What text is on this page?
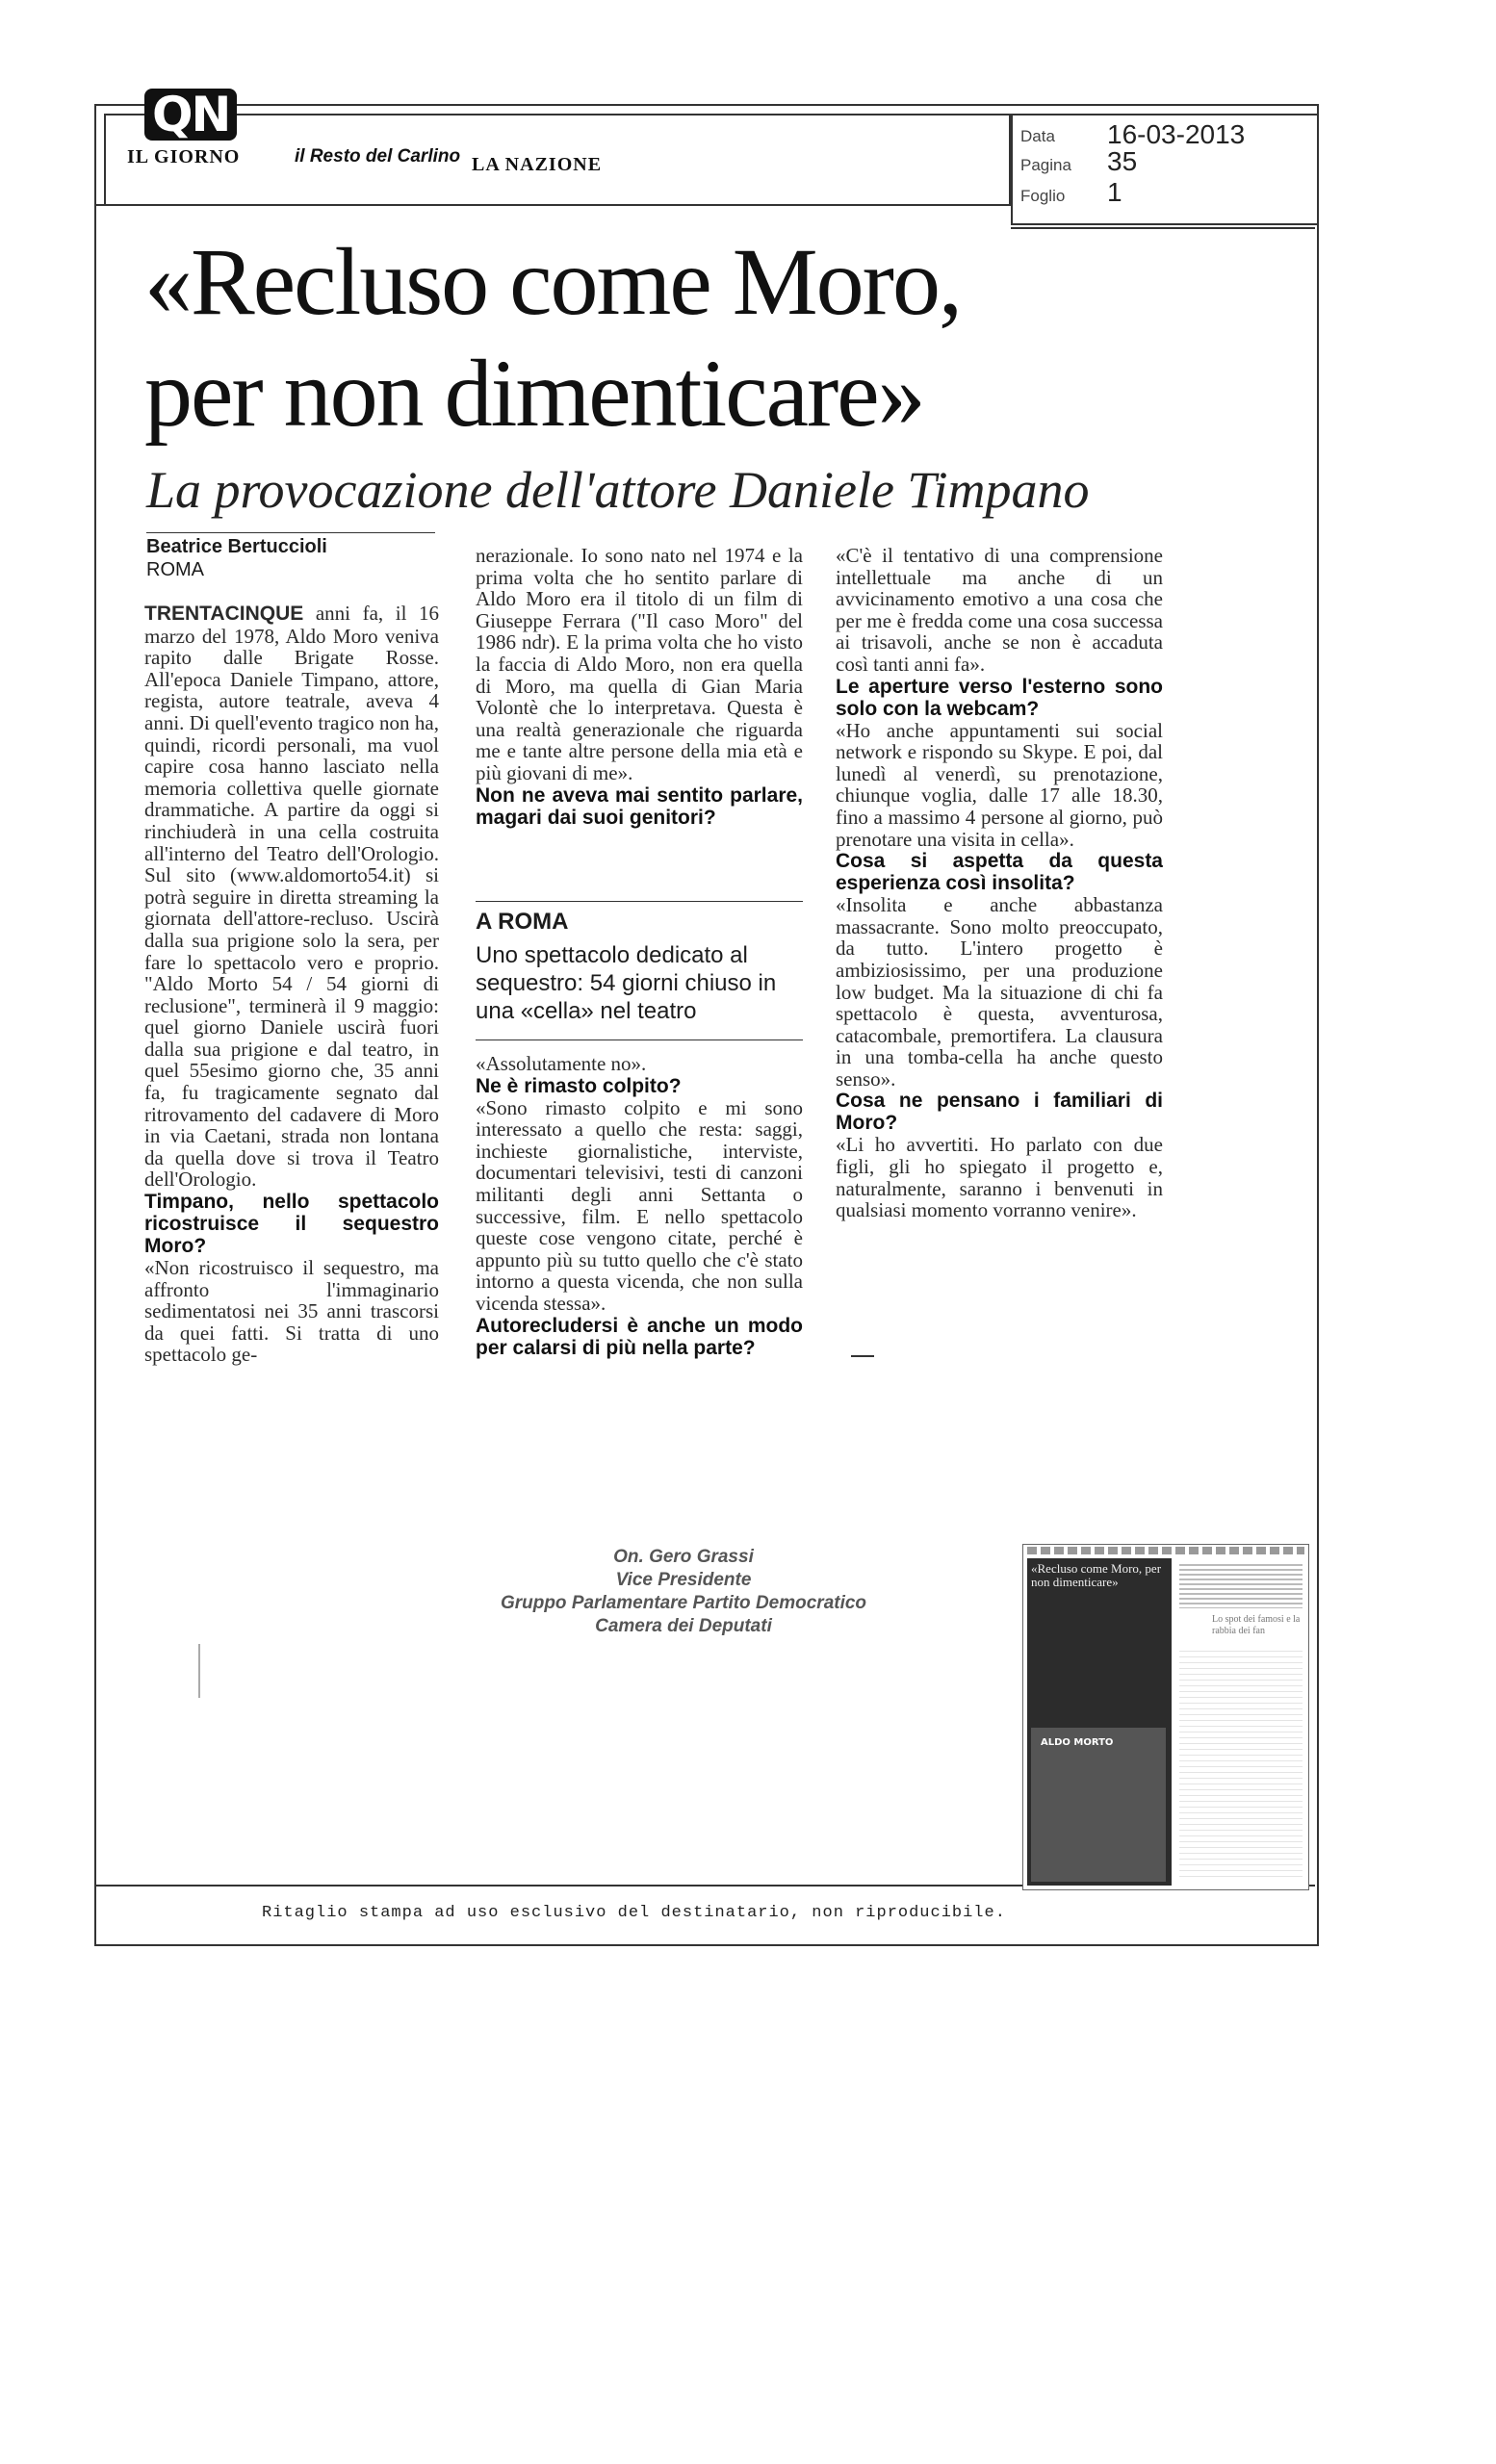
QN
IL GIORNO	il Resto del Carlino LA NAZIONE
Data 16-03-2013
Pagina 35
Foglio 1
«Recluso come Moro,
per non dimenticare»
La provocazione dell'attore Daniele Timpano
Beatrice Bertuccioli
ROMA

TRENTACINQUE anni fa, il 16 marzo del 1978, Aldo Moro veniva rapito dalle Brigate Rosse. All'epoca Daniele Timpano, attore, regista, autore teatrale, aveva 4 anni. Di quell'evento tragico non ha, quindi, ricordi personali, ma vuol capire cosa hanno lasciato nella memoria collettiva quelle giornate drammatiche. A partire da oggi si rinchiuderà in una cella costruita all'interno del Teatro dell'Orologio. Sul sito (www.aldomorto54.it) si potrà seguire in diretta streaming la giornata dell'attore-recluso. Uscirà dalla sua prigione solo la sera, per fare lo spettacolo vero e proprio. "Aldo Morto 54 / 54 giorni di reclusione", terminerà il 9 maggio: quel giorno Daniele uscirà fuori dalla sua prigione e dal teatro, in quel 55esimo giorno che, 35 anni fa, fu tragicamente segnato dal ritrovamento del cadavere di Moro in via Caetani, strada non lontana da quella dove si trova il Teatro dell'Orologio.

Timpano, nello spettacolo ricostruisce il sequestro Moro?

«Non ricostruisco il sequestro, ma affronto l'immaginario sedimentatosi nei 35 anni trascorsi da quei fatti. Si tratta di uno spettacolo ge-

nerazionale. Io sono nato nel 1974 e la prima volta che ho sentito parlare di Aldo Moro era il titolo di un film di Giuseppe Ferrara ("Il caso Moro" del 1986 ndr). E la prima volta che ho visto la faccia di Aldo Moro, non era quella di Moro, ma quella di Gian Maria Volontè che lo interpretava. Questa è una realtà generazionale che riguarda me e tante altre persone della mia età e più giovani di me».

Non ne aveva mai sentito parlare, magari dai suoi genitori?

A ROMA
Uno spettacolo dedicato al sequestro: 54 giorni chiuso in una «cella» nel teatro

«Assolutamente no».

Ne è rimasto colpito?

«Sono rimasto colpito e mi sono interessato a quello che resta: saggi, inchieste giornalistiche, interviste, documentari televisivi, testi di canzoni militanti degli anni Settanta o successive, film. E nello spettacolo queste cose vengono citate, perché è appunto più su tutto quello che c'è stato intorno a questa vicenda, che non sulla vicenda stessa».

Autorecludersi è anche un modo per calarsi di più nella parte?

«C'è il tentativo di una comprensione intellettuale ma anche di un avvicinamento emotivo a una cosa che per me è fredda come una cosa successa ai trisavoli, anche se non è accaduta così tanti anni fa».

Le aperture verso l'esterno sono solo con la webcam?

«Ho anche appuntamenti sui social network e rispondo su Skype. E poi, dal lunedì al venerdì, su prenotazione, chiunque voglia, dalle 17 alle 18.30, fino a massimo 4 persone al giorno, può prenotare una visita in cella».

Cosa si aspetta da questa esperienza così insolita?

«Insolita e anche abbastanza massacrante. Sono molto preoccupato, da tutto. L'intero progetto è ambiziosissimo, per una produzione low budget. Ma la situazione di chi fa spettacolo è questa, avventurosa, catacombale, premortifera. La clausura in una tomba-cella ha anche questo senso».

Cosa ne pensano i familiari di Moro?

«Li ho avvertiti. Ho parlato con due figli, gli ho spiegato il progetto e, naturalmente, saranno i benvenuti in qualsiasi momento vorranno venire».

On. Gero Grassi
Vice Presidente
Gruppo Parlamentare Partito Democratico
Camera dei Deputati
«Recluso come Moro, per non dimenticare»
Lo spot dei famosi e la rabbia dei fan
ALDO MORTO
Ritaglio stampa ad uso esclusivo del destinatario, non riproducibile.
